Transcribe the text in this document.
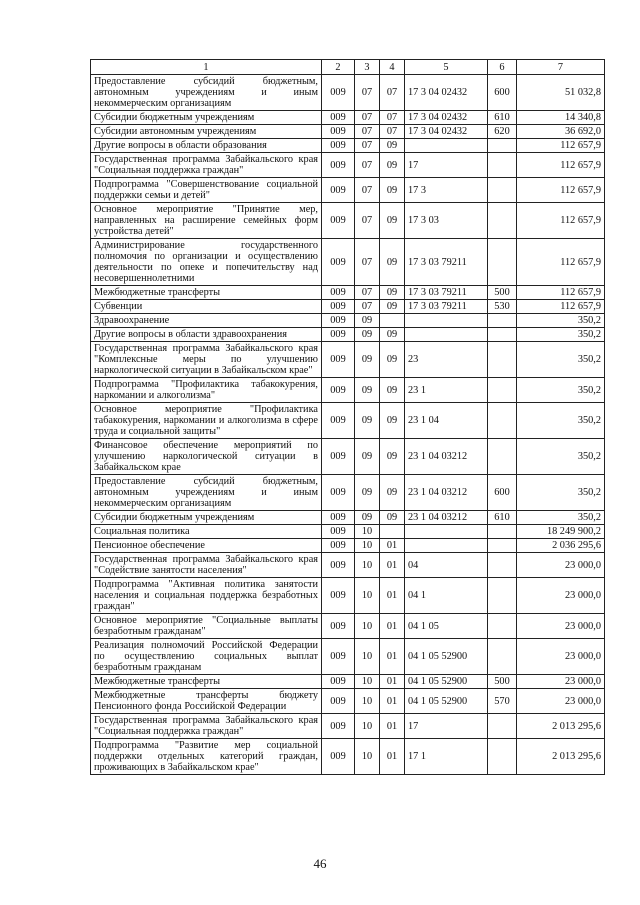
1	2	3	4	5	6	7
Предоставление субсидий бюджетным, автономным учреждениям и иным некоммерческим организациям	009	07	07	17 3 04 02432	600	51 032,8
Субсидии бюджетным учреждениям	009	07	07	17 3 04 02432	610	14 340,8
Субсидии автономным учреждениям	009	07	07	17 3 04 02432	620	36 692,0
Другие вопросы в области образования	009	07	09			112 657,9
Государственная программа Забайкальского края "Социальная поддержка граждан"	009	07	09	17		112 657,9
Подпрограмма "Совершенствование социальной поддержки семьи и детей"	009	07	09	17 3		112 657,9
Основное мероприятие "Принятие мер, направленных на расширение семейных форм устройства детей"	009	07	09	17 3 03		112 657,9
Администрирование государственного полномочия по организации и осуществлению деятельности по опеке и попечительству над несовершеннолетними	009	07	09	17 3 03 79211		112 657,9
Межбюджетные трансферты	009	07	09	17 3 03 79211	500	112 657,9
Субвенции	009	07	09	17 3 03 79211	530	112 657,9
Здравоохранение	009	09				350,2
Другие вопросы в области здравоохранения	009	09	09			350,2
Государственная программа Забайкальского края "Комплексные меры по улучшению наркологической ситуации в Забайкальском крае"	009	09	09	23		350,2
Подпрограмма "Профилактика табакокурения, наркомании и алкоголизма"	009	09	09	23 1		350,2
Основное мероприятие "Профилактика табакокурения, наркомании и алкоголизма в сфере труда и социальной защиты"	009	09	09	23 1 04		350,2
Финансовое обеспечение мероприятий по улучшению наркологической ситуации в Забайкальском крае	009	09	09	23 1 04 03212		350,2
Предоставление субсидий бюджетным, автономным учреждениям и иным некоммерческим организациям	009	09	09	23 1 04 03212	600	350,2
Субсидии бюджетным учреждениям	009	09	09	23 1 04 03212	610	350,2
Социальная политика	009	10				18 249 900,2
Пенсионное обеспечение	009	10	01			2 036 295,6
Государственная программа Забайкальского края "Содействие занятости населения"	009	10	01	04		23 000,0
Подпрограмма "Активная политика занятости населения и социальная поддержка безработных граждан"	009	10	01	04 1		23 000,0
Основное мероприятие "Социальные выплаты безработным гражданам"	009	10	01	04 1 05		23 000,0
Реализация полномочий Российской Федерации по осуществлению социальных выплат безработным гражданам	009	10	01	04 1 05 52900		23 000,0
Межбюджетные трансферты	009	10	01	04 1 05 52900	500	23 000,0
Межбюджетные трансферты бюджету Пенсионного фонда Российской Федерации	009	10	01	04 1 05 52900	570	23 000,0
Государственная программа Забайкальского края "Социальная поддержка граждан"	009	10	01	17		2 013 295,6
Подпрограмма "Развитие мер социальной поддержки отдельных категорий граждан, проживающих в Забайкальском крае"	009	10	01	17 1		2 013 295,6
46
